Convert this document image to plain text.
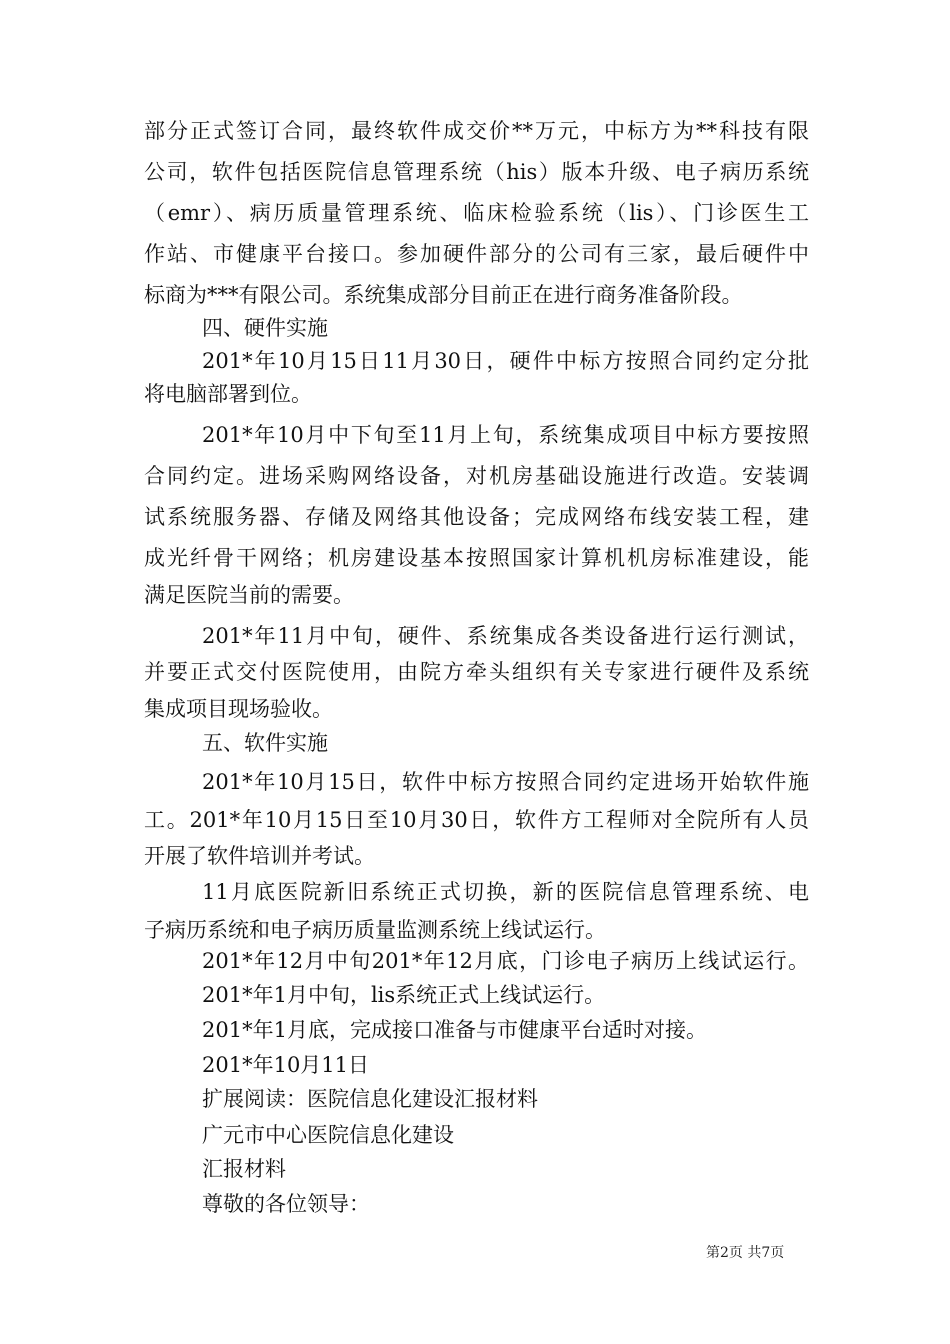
部分正式签订合同，最终软件成交价**万元，中标方为**科技有限
公司，软件包括医院信息管理系统（his）版本升级、电子病历系统
（emr）、病历质量管理系统、临床检验系统（lis）、门诊医生工
作站、市健康平台接口。参加硬件部分的公司有三家，最后硬件中
标商为***有限公司。系统集成部分目前正在进行商务准备阶段。
四、硬件实施
201*年10月15日11月30日，硬件中标方按照合同约定分批
将电脑部署到位。
201*年10月中下旬至11月上旬，系统集成项目中标方要按照
合同约定。进场采购网络设备，对机房基础设施进行改造。安装调
试系统服务器、存储及网络其他设备；完成网络布线安装工程，建
成光纤骨干网络；机房建设基本按照国家计算机机房标准建设，能
满足医院当前的需要。
201*年11月中旬，硬件、系统集成各类设备进行运行测试，
并要正式交付医院使用，由院方牵头组织有关专家进行硬件及系统
集成项目现场验收。
五、软件实施
201*年10月15日，软件中标方按照合同约定进场开始软件施
工。201*年10月15日至10月30日，软件方工程师对全院所有人员
开展了软件培训并考试。
11月底医院新旧系统正式切换，新的医院信息管理系统、电
子病历系统和电子病历质量监测系统上线试运行。
201*年12月中旬201*年12月底，门诊电子病历上线试运行。
201*年1月中旬，lis系统正式上线试运行。
201*年1月底，完成接口准备与市健康平台适时对接。
201*年10月11日
扩展阅读：医院信息化建设汇报材料
广元市中心医院信息化建设
汇报材料
尊敬的各位领导：
第2页 共7页
